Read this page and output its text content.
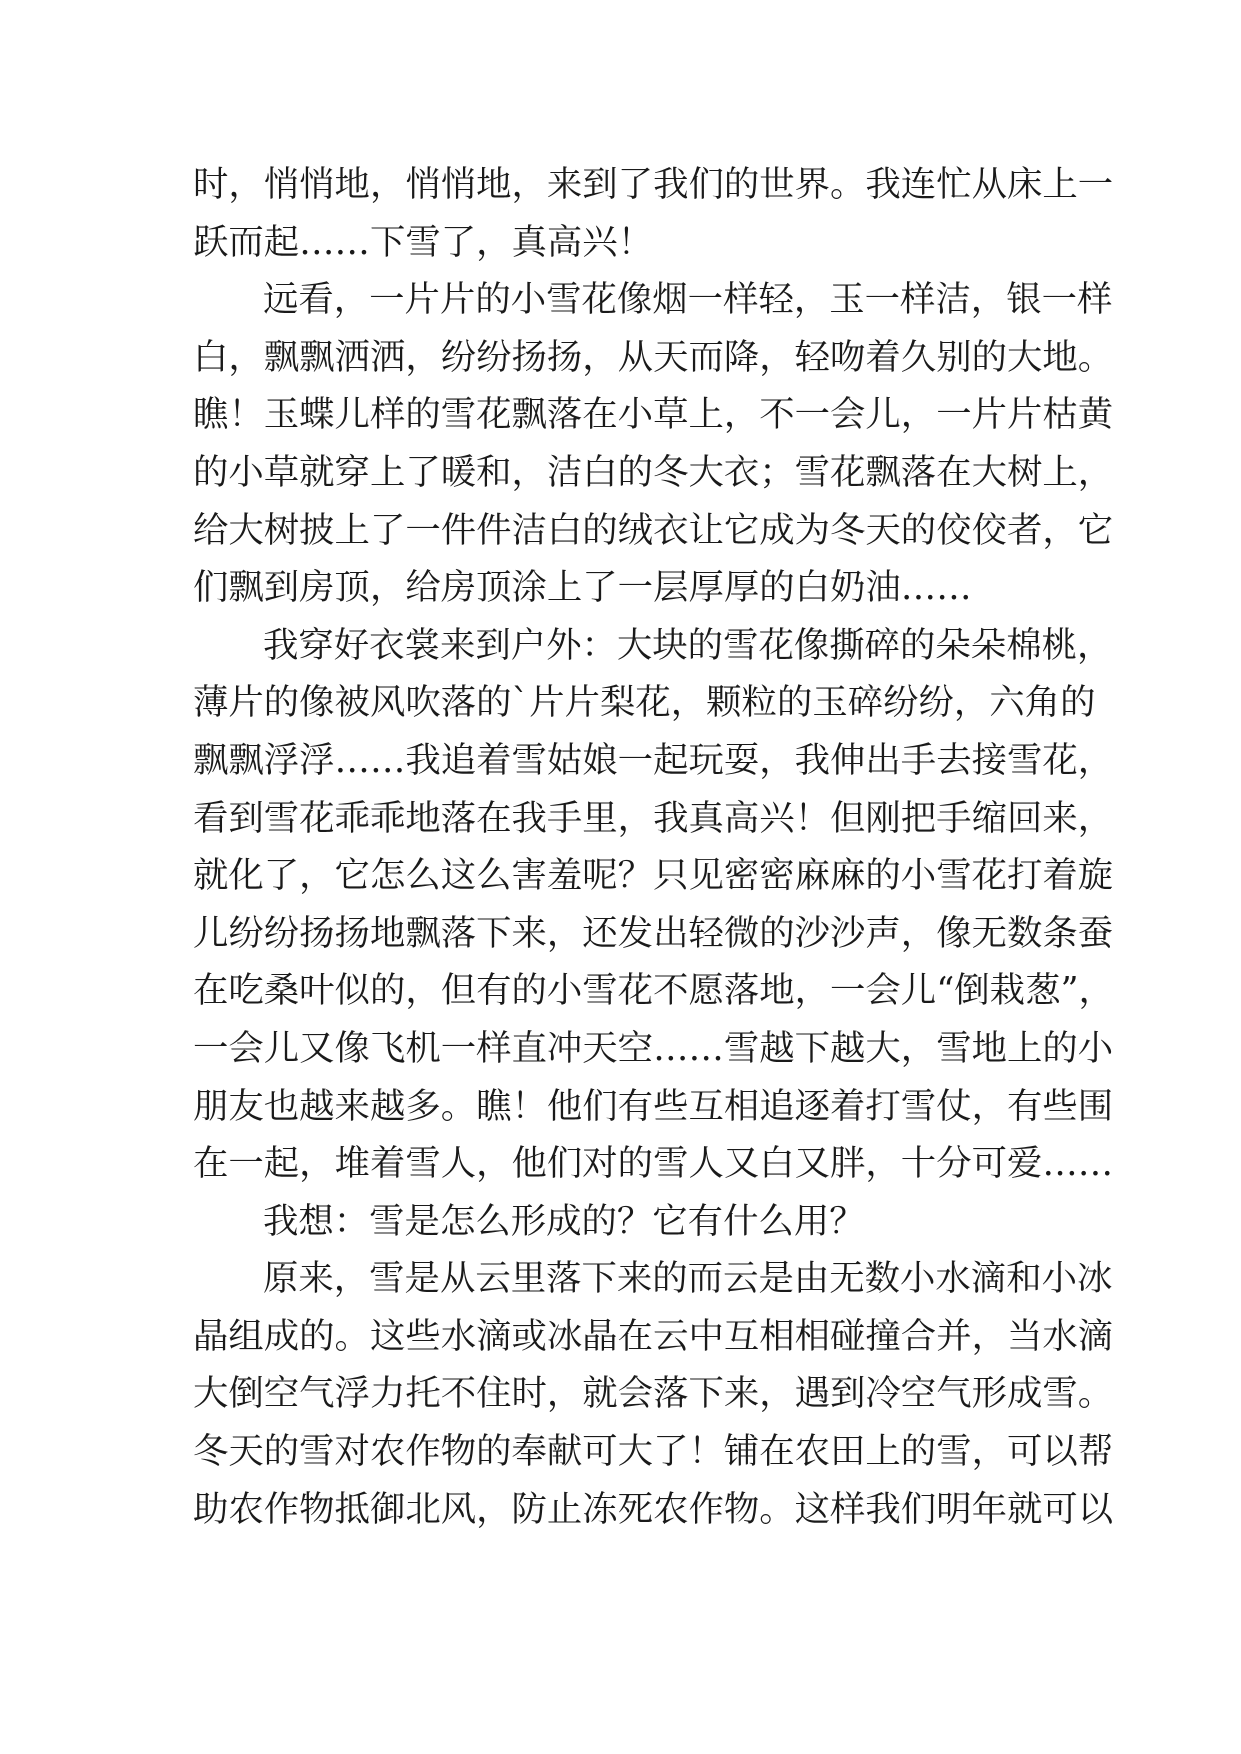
时，悄悄地，悄悄地，来到了我们的世界。我连忙从床上一
跃而起……下雪了，真高兴！
远看，一片片的小雪花像烟一样轻，玉一样洁，银一样
白，飘飘洒洒，纷纷扬扬，从天而降，轻吻着久别的大地。
瞧！玉蝶儿样的雪花飘落在小草上，不一会儿，一片片枯黄
的小草就穿上了暖和，洁白的冬大衣；雪花飘落在大树上，
给大树披上了一件件洁白的绒衣让它成为冬天的佼佼者，它
们飘到房顶，给房顶涂上了一层厚厚的白奶油……
我穿好衣裳来到户外：大块的雪花像撕碎的朵朵棉桃，
薄片的像被风吹落的`片片梨花，颗粒的玉碎纷纷，六角的
飘飘浮浮……我追着雪姑娘一起玩耍，我伸出手去接雪花，
看到雪花乖乖地落在我手里，我真高兴！但刚把手缩回来，
就化了，它怎么这么害羞呢？只见密密麻麻的小雪花打着旋
儿纷纷扬扬地飘落下来，还发出轻微的沙沙声，像无数条蚕
在吃桑叶似的，但有的小雪花不愿落地，一会儿“倒栽葱”，
一会儿又像飞机一样直冲天空……雪越下越大，雪地上的小
朋友也越来越多。瞧！他们有些互相追逐着打雪仗，有些围
在一起，堆着雪人，他们对的雪人又白又胖，十分可爱……
我想：雪是怎么形成的？它有什么用？
原来，雪是从云里落下来的而云是由无数小水滴和小冰
晶组成的。这些水滴或冰晶在云中互相相碰撞合并，当水滴
大倒空气浮力托不住时，就会落下来，遇到冷空气形成雪。
冬天的雪对农作物的奉献可大了！铺在农田上的雪，可以帮
助农作物抵御北风，防止冻死农作物。这样我们明年就可以
